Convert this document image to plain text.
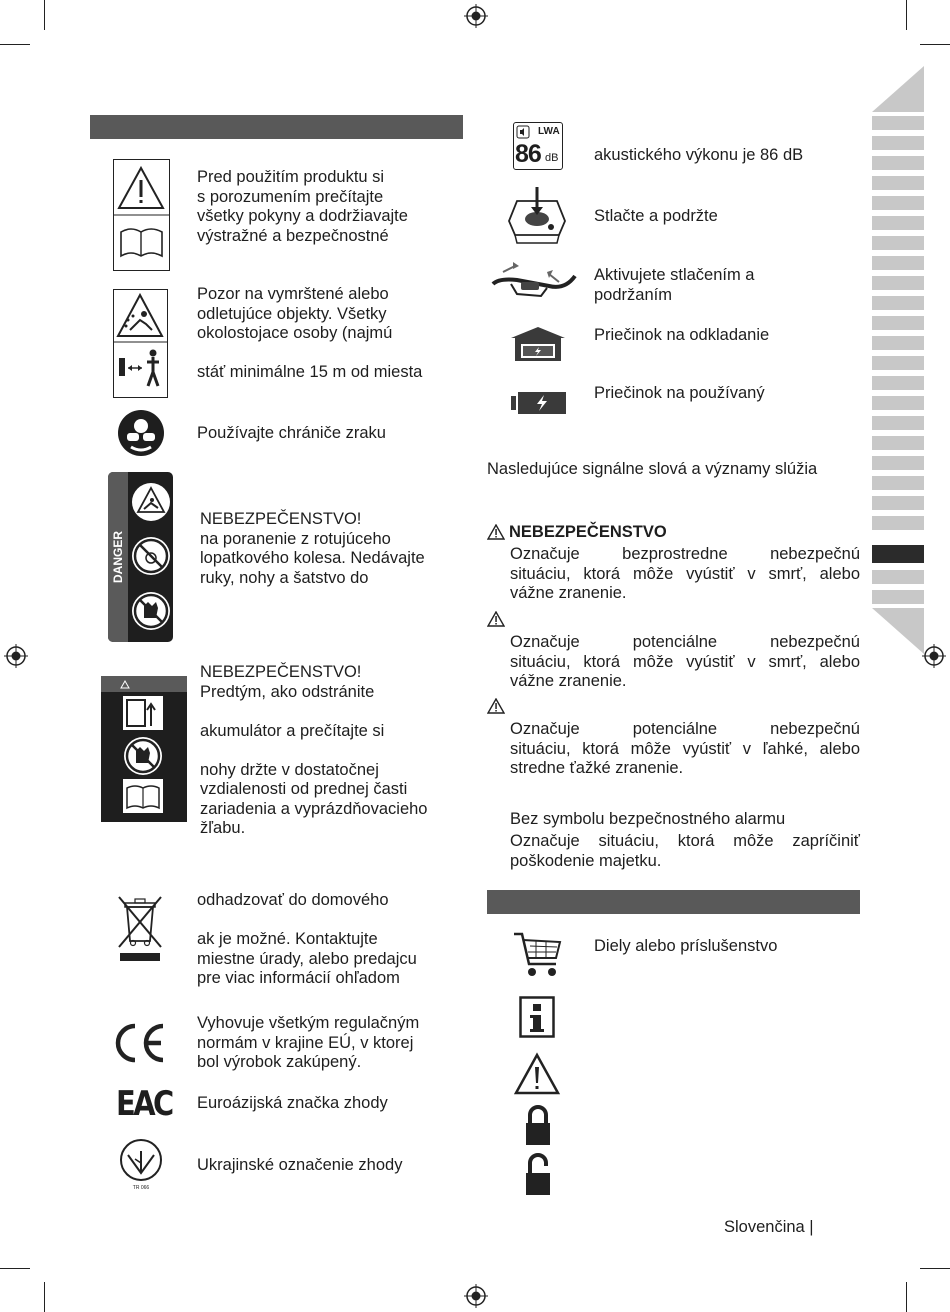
Pred použitím produktu si
s porozumením prečítajte
všetky pokyny a dodržiavajte
výstražné a bezpečnostné
Pozor na vymrštené alebo
odletujúce objekty. Všetky
okolostojace osoby (najmú
stáť minimálne 15 m od miesta
Používajte chrániče zraku
DANGER
NEBEZPEČENSTVO!
na poranenie z rotujúceho
lopatkového kolesa. Nedávajte
ruky, nohy a šatstvo do
NEBEZPEČENSTVO!
Predtým, ako odstránite
akumulátor a prečítajte si
nohy držte v dostatočnej
vzdialenosti od prednej časti
zariadenia a vyprázdňovacieho
žľabu.
odhadzovať do domového
ak je možné. Kontaktujte
miestne úrady, alebo predajcu
pre viac informácií ohľadom
Vyhovuje všetkým regulačným
normám v krajine EÚ, v ktorej
bol výrobok zakúpený.
EAC Euroázijská značka zhody
TR 066
Ukrajinské označenie zhody
LWA
86 dB akustického výkonu je 86 dB
Stlačte a podržte
Aktivujete stlačením a
podržaním
Priečinok na odkladanie
Priečinok na používaný
Nasledujúce signálne slová a významy slúžia
NEBEZPEČENSTVO
Označuje bezprostredne nebezpečnú
situáciu, ktorá môže vyústiť v smrť, alebo
vážne zranenie.
Označuje potenciálne nebezpečnú
situáciu, ktorá môže vyústiť v smrť, alebo
vážne zranenie.
Označuje potenciálne nebezpečnú
situáciu, ktorá môže vyústiť v ľahké, alebo
stredne ťažké zranenie.
Bez symbolu bezpečnostného alarmu
Označuje situáciu, ktorá môže zapríčiniť
poškodenie majetku.
Diely alebo príslušenstvo
Slovenčina |
